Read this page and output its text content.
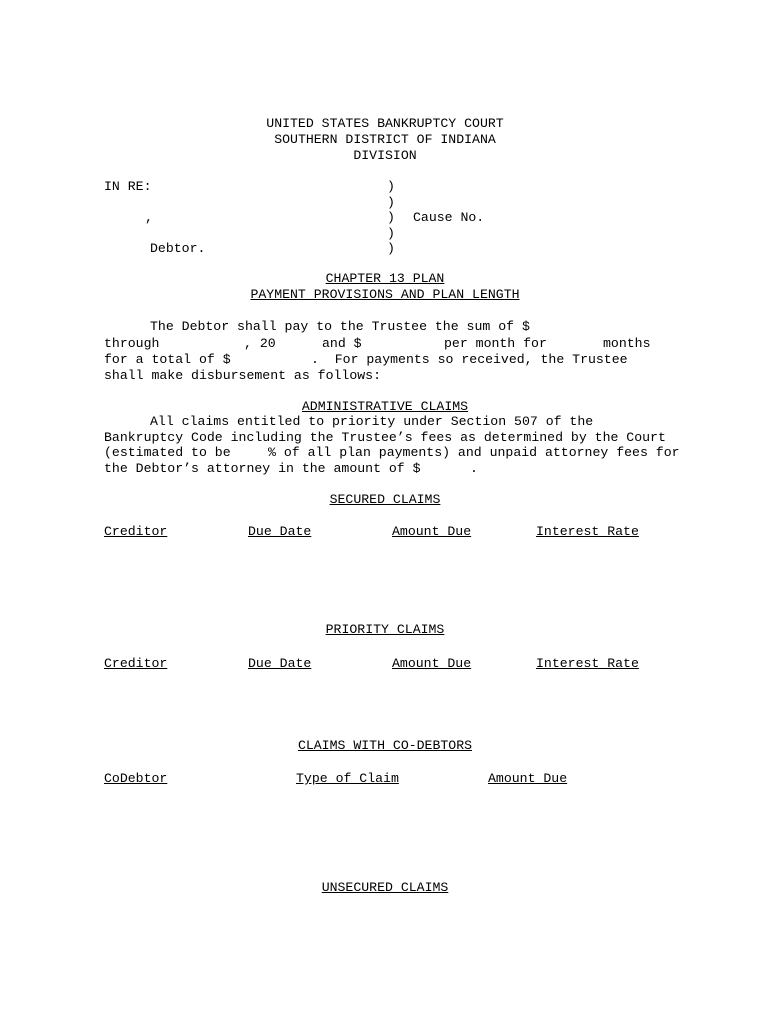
UNITED STATES BANKRUPTCY COURT
SOUTHERN DISTRICT OF INDIANA
DIVISION
IN RE:
,
Debtor.
)
)
)
)
)
Cause No.
CHAPTER 13 PLAN
PAYMENT PROVISIONS AND PLAN LENGTH
The Debtor shall pay to the Trustee the sum of $
through	, 20	and $	per month for	months
for a total of $	.  For payments so received, the Trustee
shall make disbursement as follows:
ADMINISTRATIVE CLAIMS
All claims entitled to priority under Section 507 of the
Bankruptcy Code including the Trustee’s fees as determined by the Court
(estimated to be	% of all plan payments) and unpaid attorney fees for
the Debtor’s attorney in the amount of $	.
SECURED CLAIMS
Creditor	Due Date	Amount Due	Interest Rate
PRIORITY CLAIMS
Creditor	Due Date	Amount Due	Interest Rate
CLAIMS WITH CO-DEBTORS
CoDebtor	Type of Claim	Amount Due
UNSECURED CLAIMS
